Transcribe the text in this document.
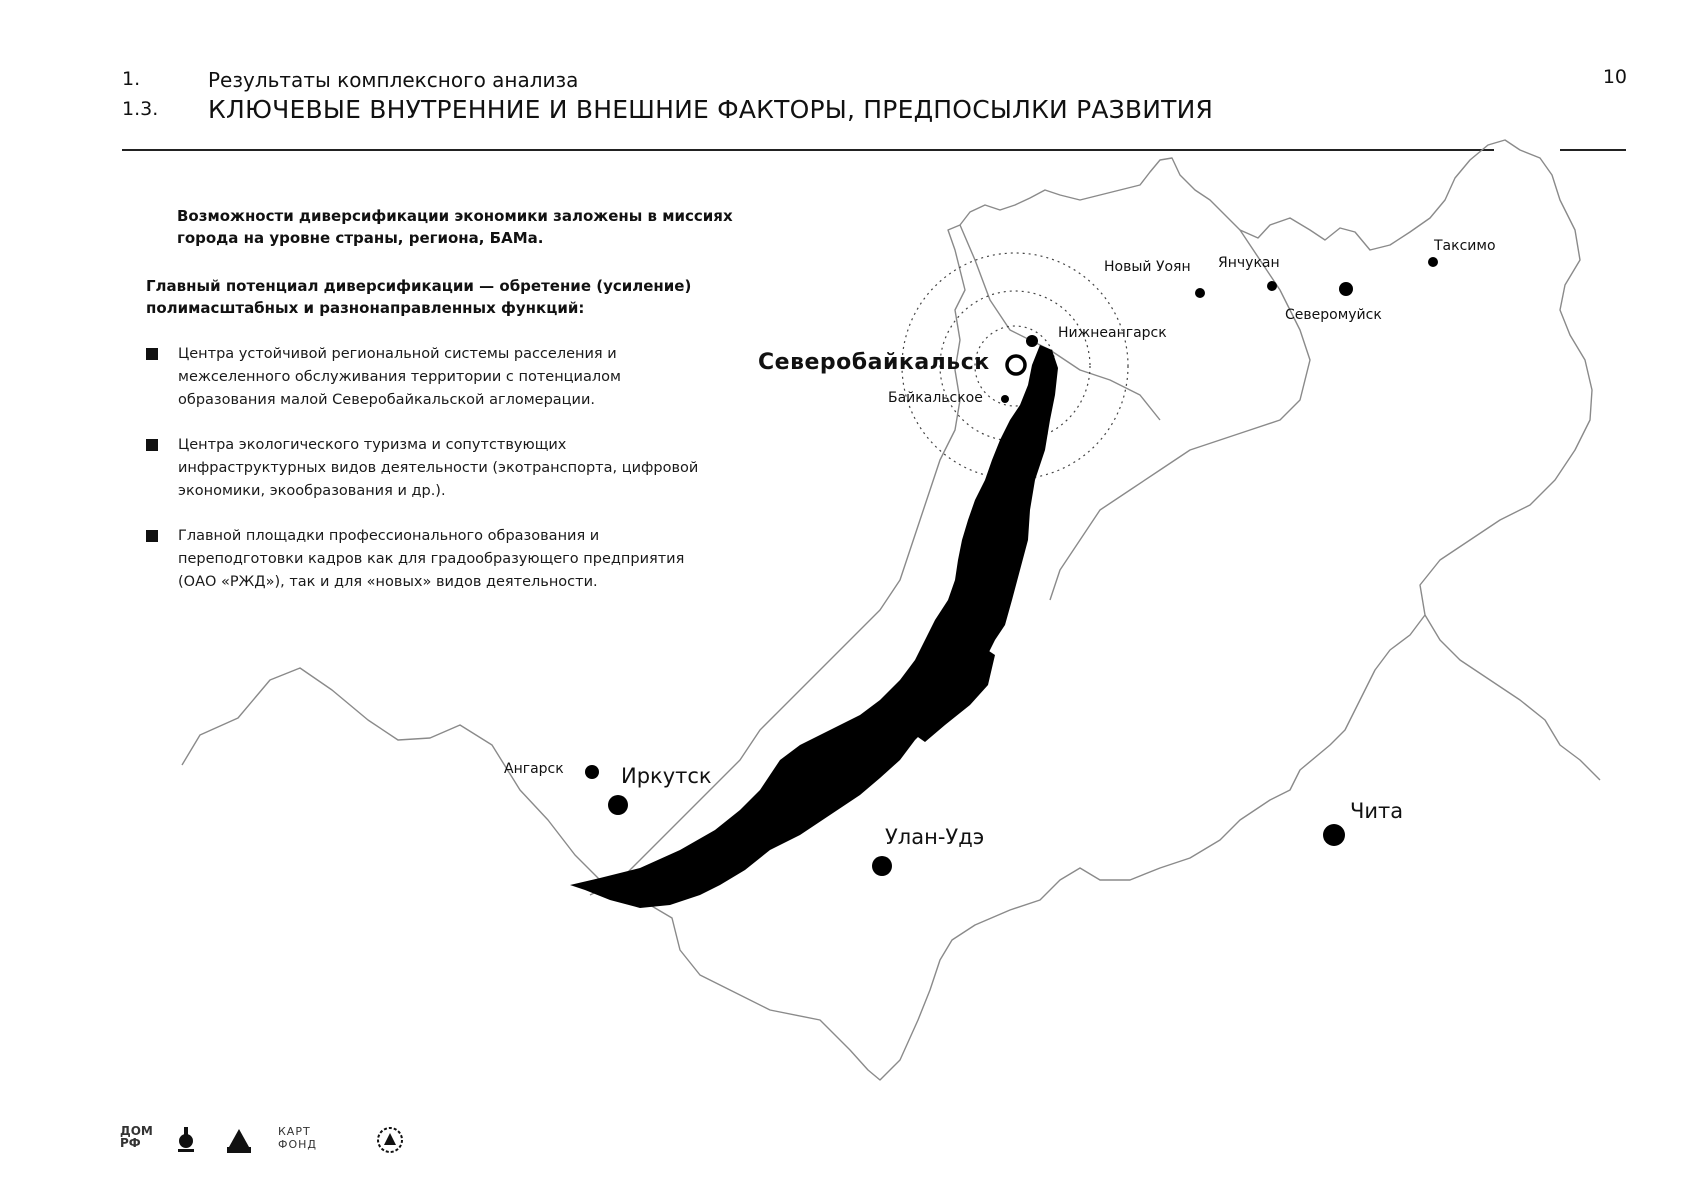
1.	Результаты комплексного анализа
1.3. КЛЮЧЕВЫЕ ВНУТРЕННИЕ И ВНЕШНИЕ ФАКТОРЫ, ПРЕДПОСЫЛКИ РАЗВИТИЯ
10
Возможности диверсификации экономики заложены в миссиях города на уровне страны, региона, БАМа.
Главный потенциал диверсификации — обретение (усиление) полимасштабных и разнонаправленных функций:
Центра устойчивой региональной системы расселения и межселенного обслуживания территории с потенциалом образования малой Северобайкальской агломерации.
Центра экологического туризма и сопутствующих инфраструктурных видов деятельности (экотранспорта, цифровой экономики, экообразования и др.).
Главной площадки профессионального образования и переподготовки кадров как для градообразующего предприятия (ОАО «РЖД»), так и для «новых» видов деятельности.
Северобайкальск
Нижнеангарск
Байкальское
Новый Уоян Янчукан
Таксимо
Северомуйск
Ангарск	Иркутск
Улан-Удэ
Чита
ДОМ РФ
КАРТ ФОНД
